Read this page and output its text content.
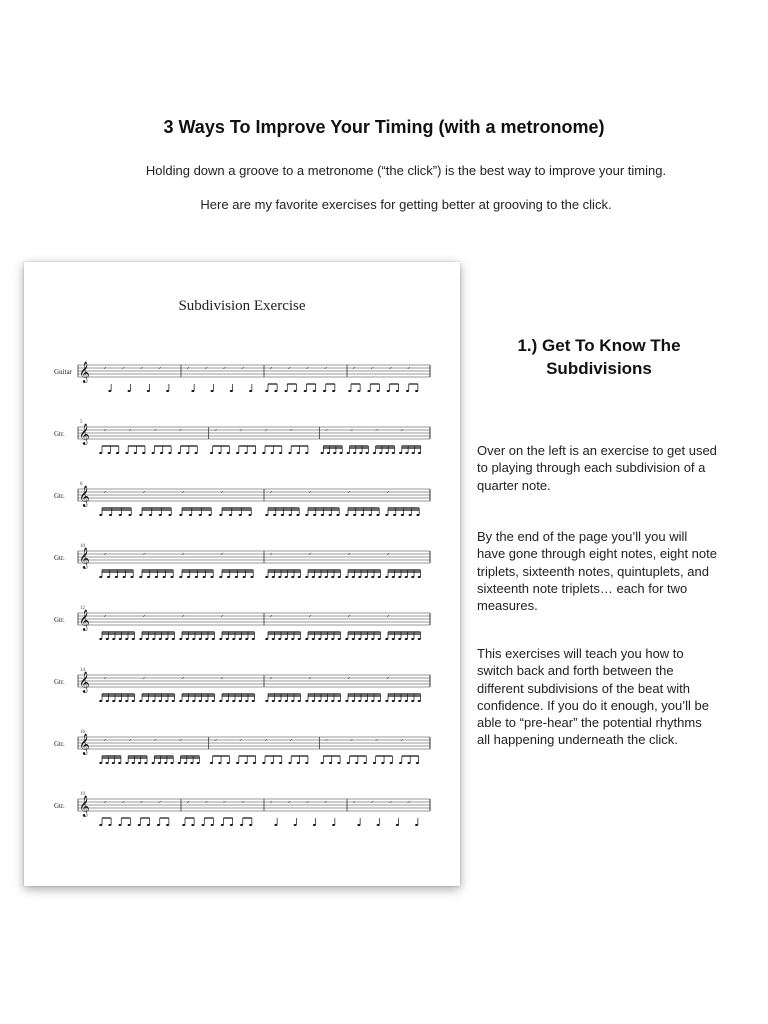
3 Ways To Improve Your Timing (with a metronome)
Holding down a groove to a metronome (“the click”) is the best way to improve your timing.
Here are my favorite exercises for getting better at grooving to the click.
Subdivision Exercise
Guitar 𝄞
Gtr.
5
𝄞
Gtr.
8
𝄞
Gtr.
10
𝄞
Gtr.
12
𝄞
Gtr.
14
𝄞
Gtr.
16
𝄞
Gtr.
19
𝄞
1.) Get To Know The Subdivisions
Over on the left is an exercise to get used to playing through each subdivision of a quarter note.
By the end of the page you’ll you will have gone through eight notes, eight note triplets, sixteenth notes, quintuplets, and sixteenth note triplets… each for two measures.
This exercises will teach you how to switch back and forth between the different subdivisions of the beat with confidence. If you do it enough, you’ll be able to “pre-hear” the potential rhythms all happening underneath the click.
